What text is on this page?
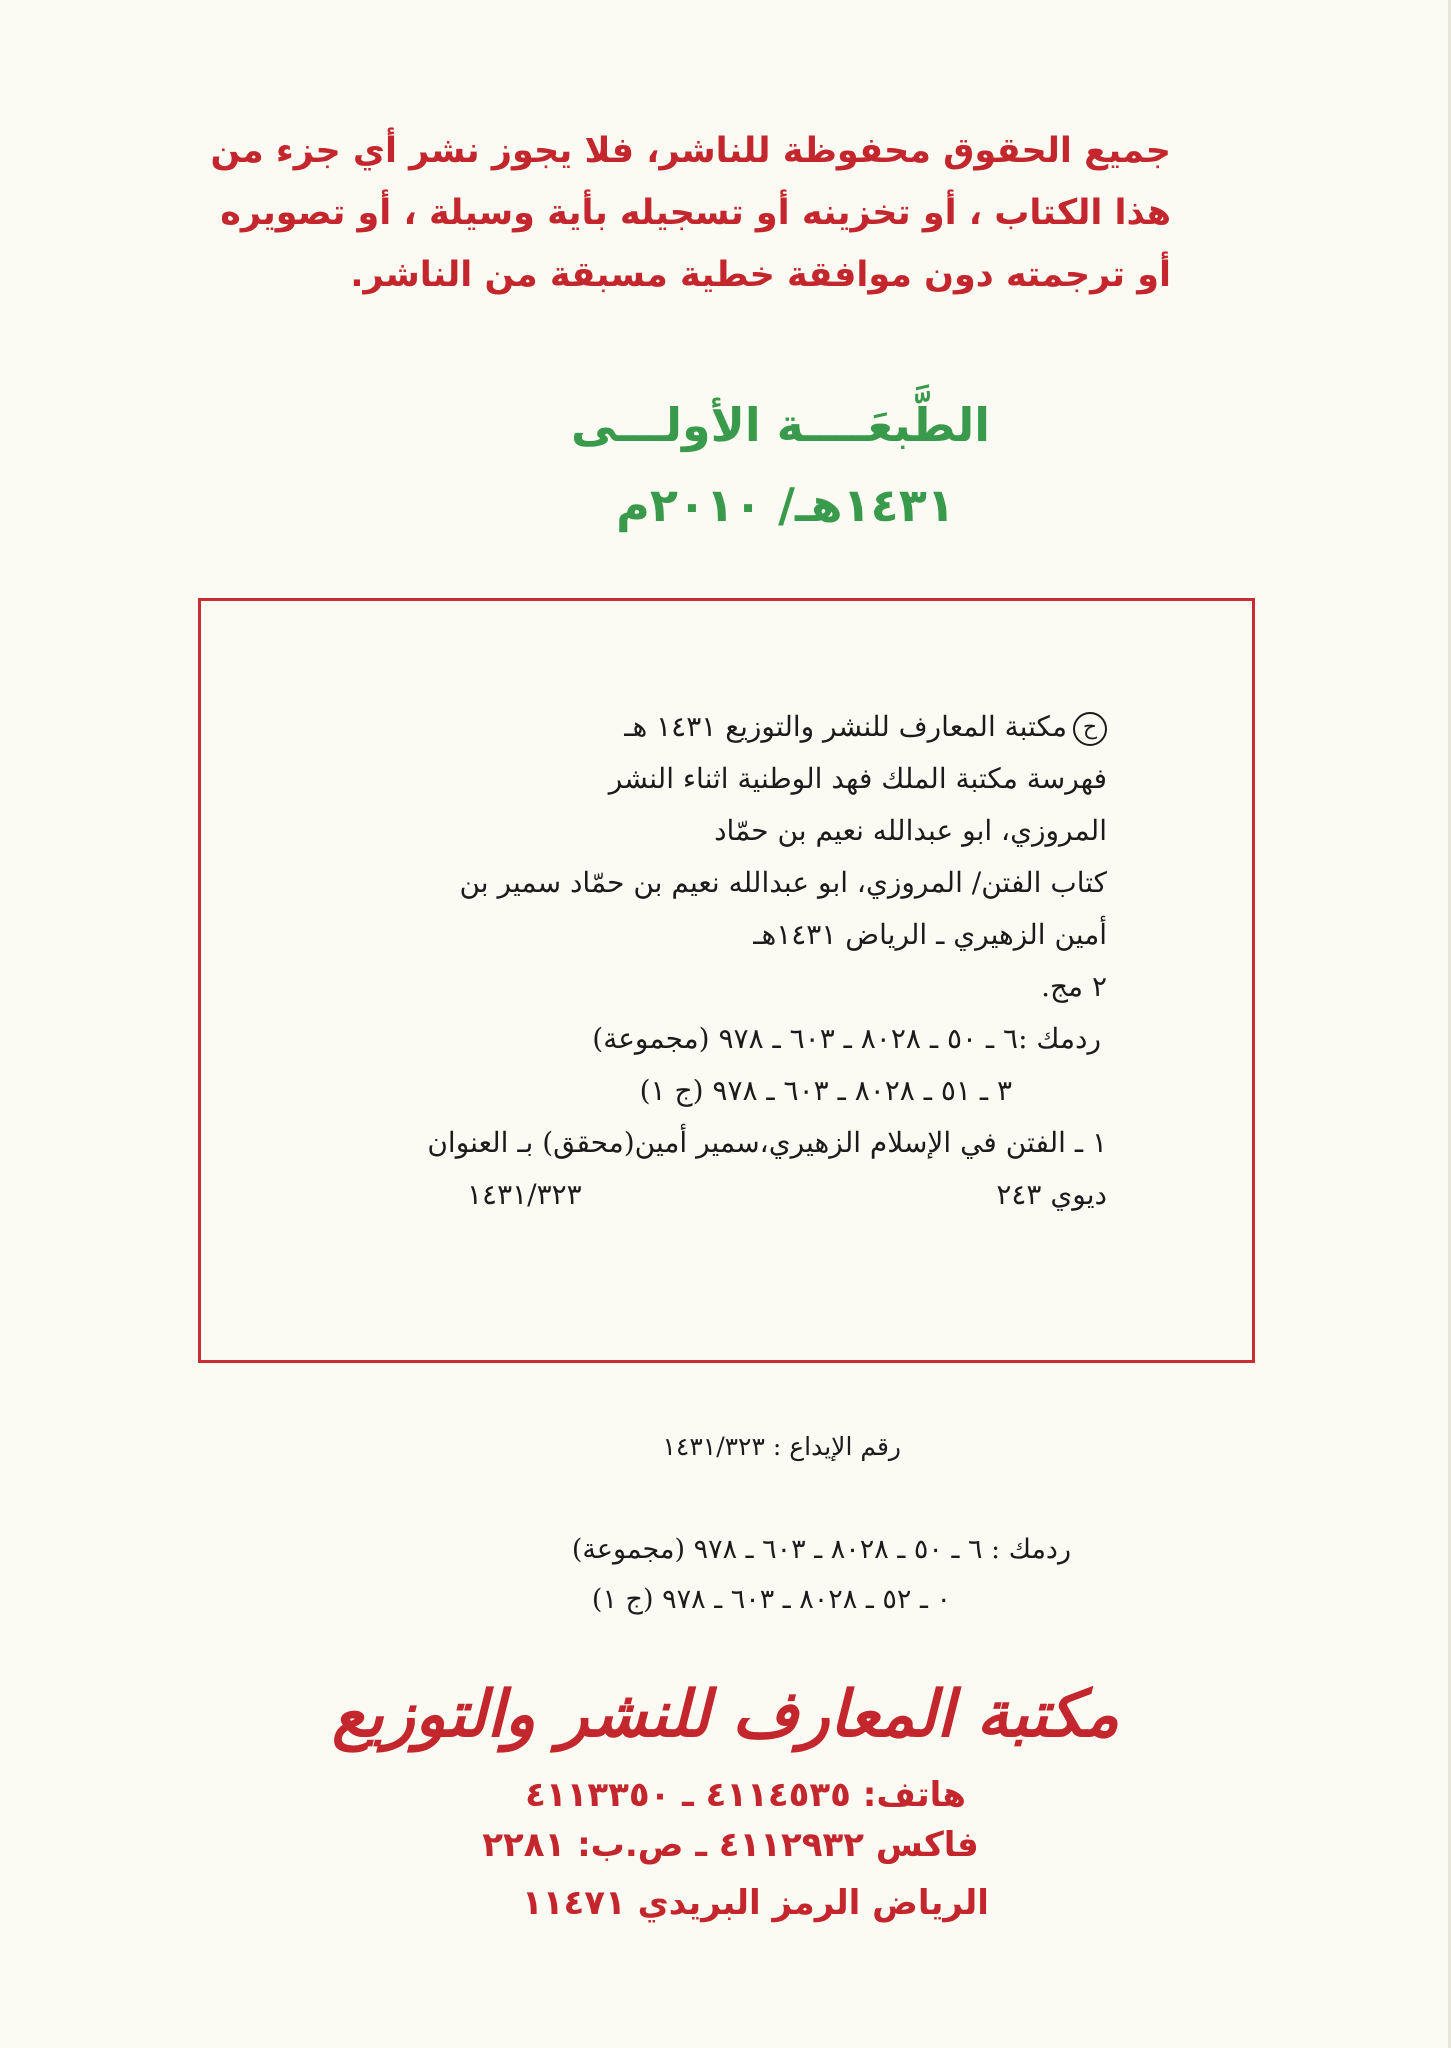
جميع الحقوق محفوظة للناشر، فلا يجوز نشر أي جزء من
هذا الكتاب ، أو تخزينه أو تسجيله بأية وسيلة ، أو تصويره
أو ترجمته دون موافقة خطية مسبقة من الناشر.
الطَّبعَــــة الأولـــى
١٤٣١هـ/ ٢٠١٠م
حمكتبة المعارف للنشر والتوزيع ١٤٣١ هـ
فهرسة مكتبة الملك فهد الوطنية اثناء النشر
المروزي، ابو عبدالله نعيم بن حمّاد
كتاب الفتن/ المروزي، ابو عبدالله نعيم بن حمّاد سمير بن
أمين الزهيري ـ الرياض ١٤٣١هـ
٢ مج.
ردمك :٦ ـ ٥٠ ـ ٨٠٢٨ ـ ٦٠٣ ـ ٩٧٨ (مجموعة)
٣ ـ ٥١ ـ ٨٠٢٨ ـ ٦٠٣ ـ ٩٧٨ (ج ١)
١ ـ الفتن في الإسلام الزهيري،سمير أمين(محقق) بـ العنوان
ديوي ٢٤٣
١٤٣١/٣٢٣
رقم الإيداع : ١٤٣١/٣٢٣
ردمك : ٦ ـ ٥٠ ـ ٨٠٢٨ ـ ٦٠٣ ـ ٩٧٨ (مجموعة)
٠ ـ ٥٢ ـ ٨٠٢٨ ـ ٦٠٣ ـ ٩٧٨ (ج ١)
مكتبة المعارف للنشر والتوزيع
هاتف: ٤١١٤٥٣٥ ـ ٤١١٣٣٥٠
فاكس ٤١١٢٩٣٢ ـ ص.ب: ٢٢٨١
الرياض الرمز البريدي ١١٤٧١
